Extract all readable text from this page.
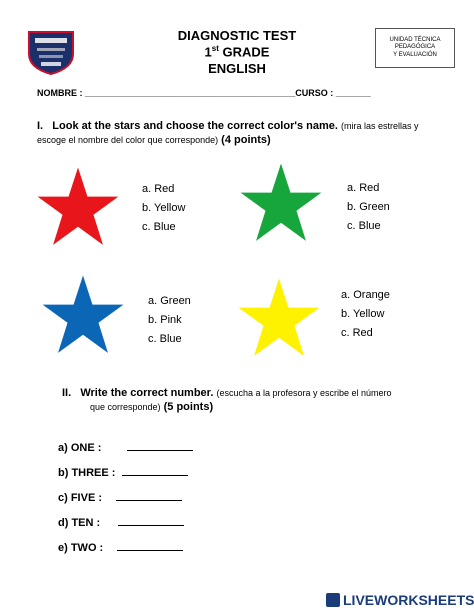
DIAGNOSTIC TEST
1st GRADE
ENGLISH
UNIDAD TÉCNICA
PEDAGÓGICA
Y EVALUACIÓN
NOMBRE : __________________________________________CURSO : _______
I. Look at the stars and choose the correct color's name. (mira las estrellas y
escoge el nombre del color que corresponde) (4 points)
a. Red
b. Yellow
c. Blue
a. Red
b. Green
c. Blue
a. Green
b. Pink
c. Blue
a. Orange
b. Yellow
c. Red
II. Write the correct number. (escucha a la profesora y escribe el número
que corresponde) (5 points)
a) ONE :
b) THREE :
c) FIVE :
d) TEN :
e) TWO :
LIVEWORKSHEETS
